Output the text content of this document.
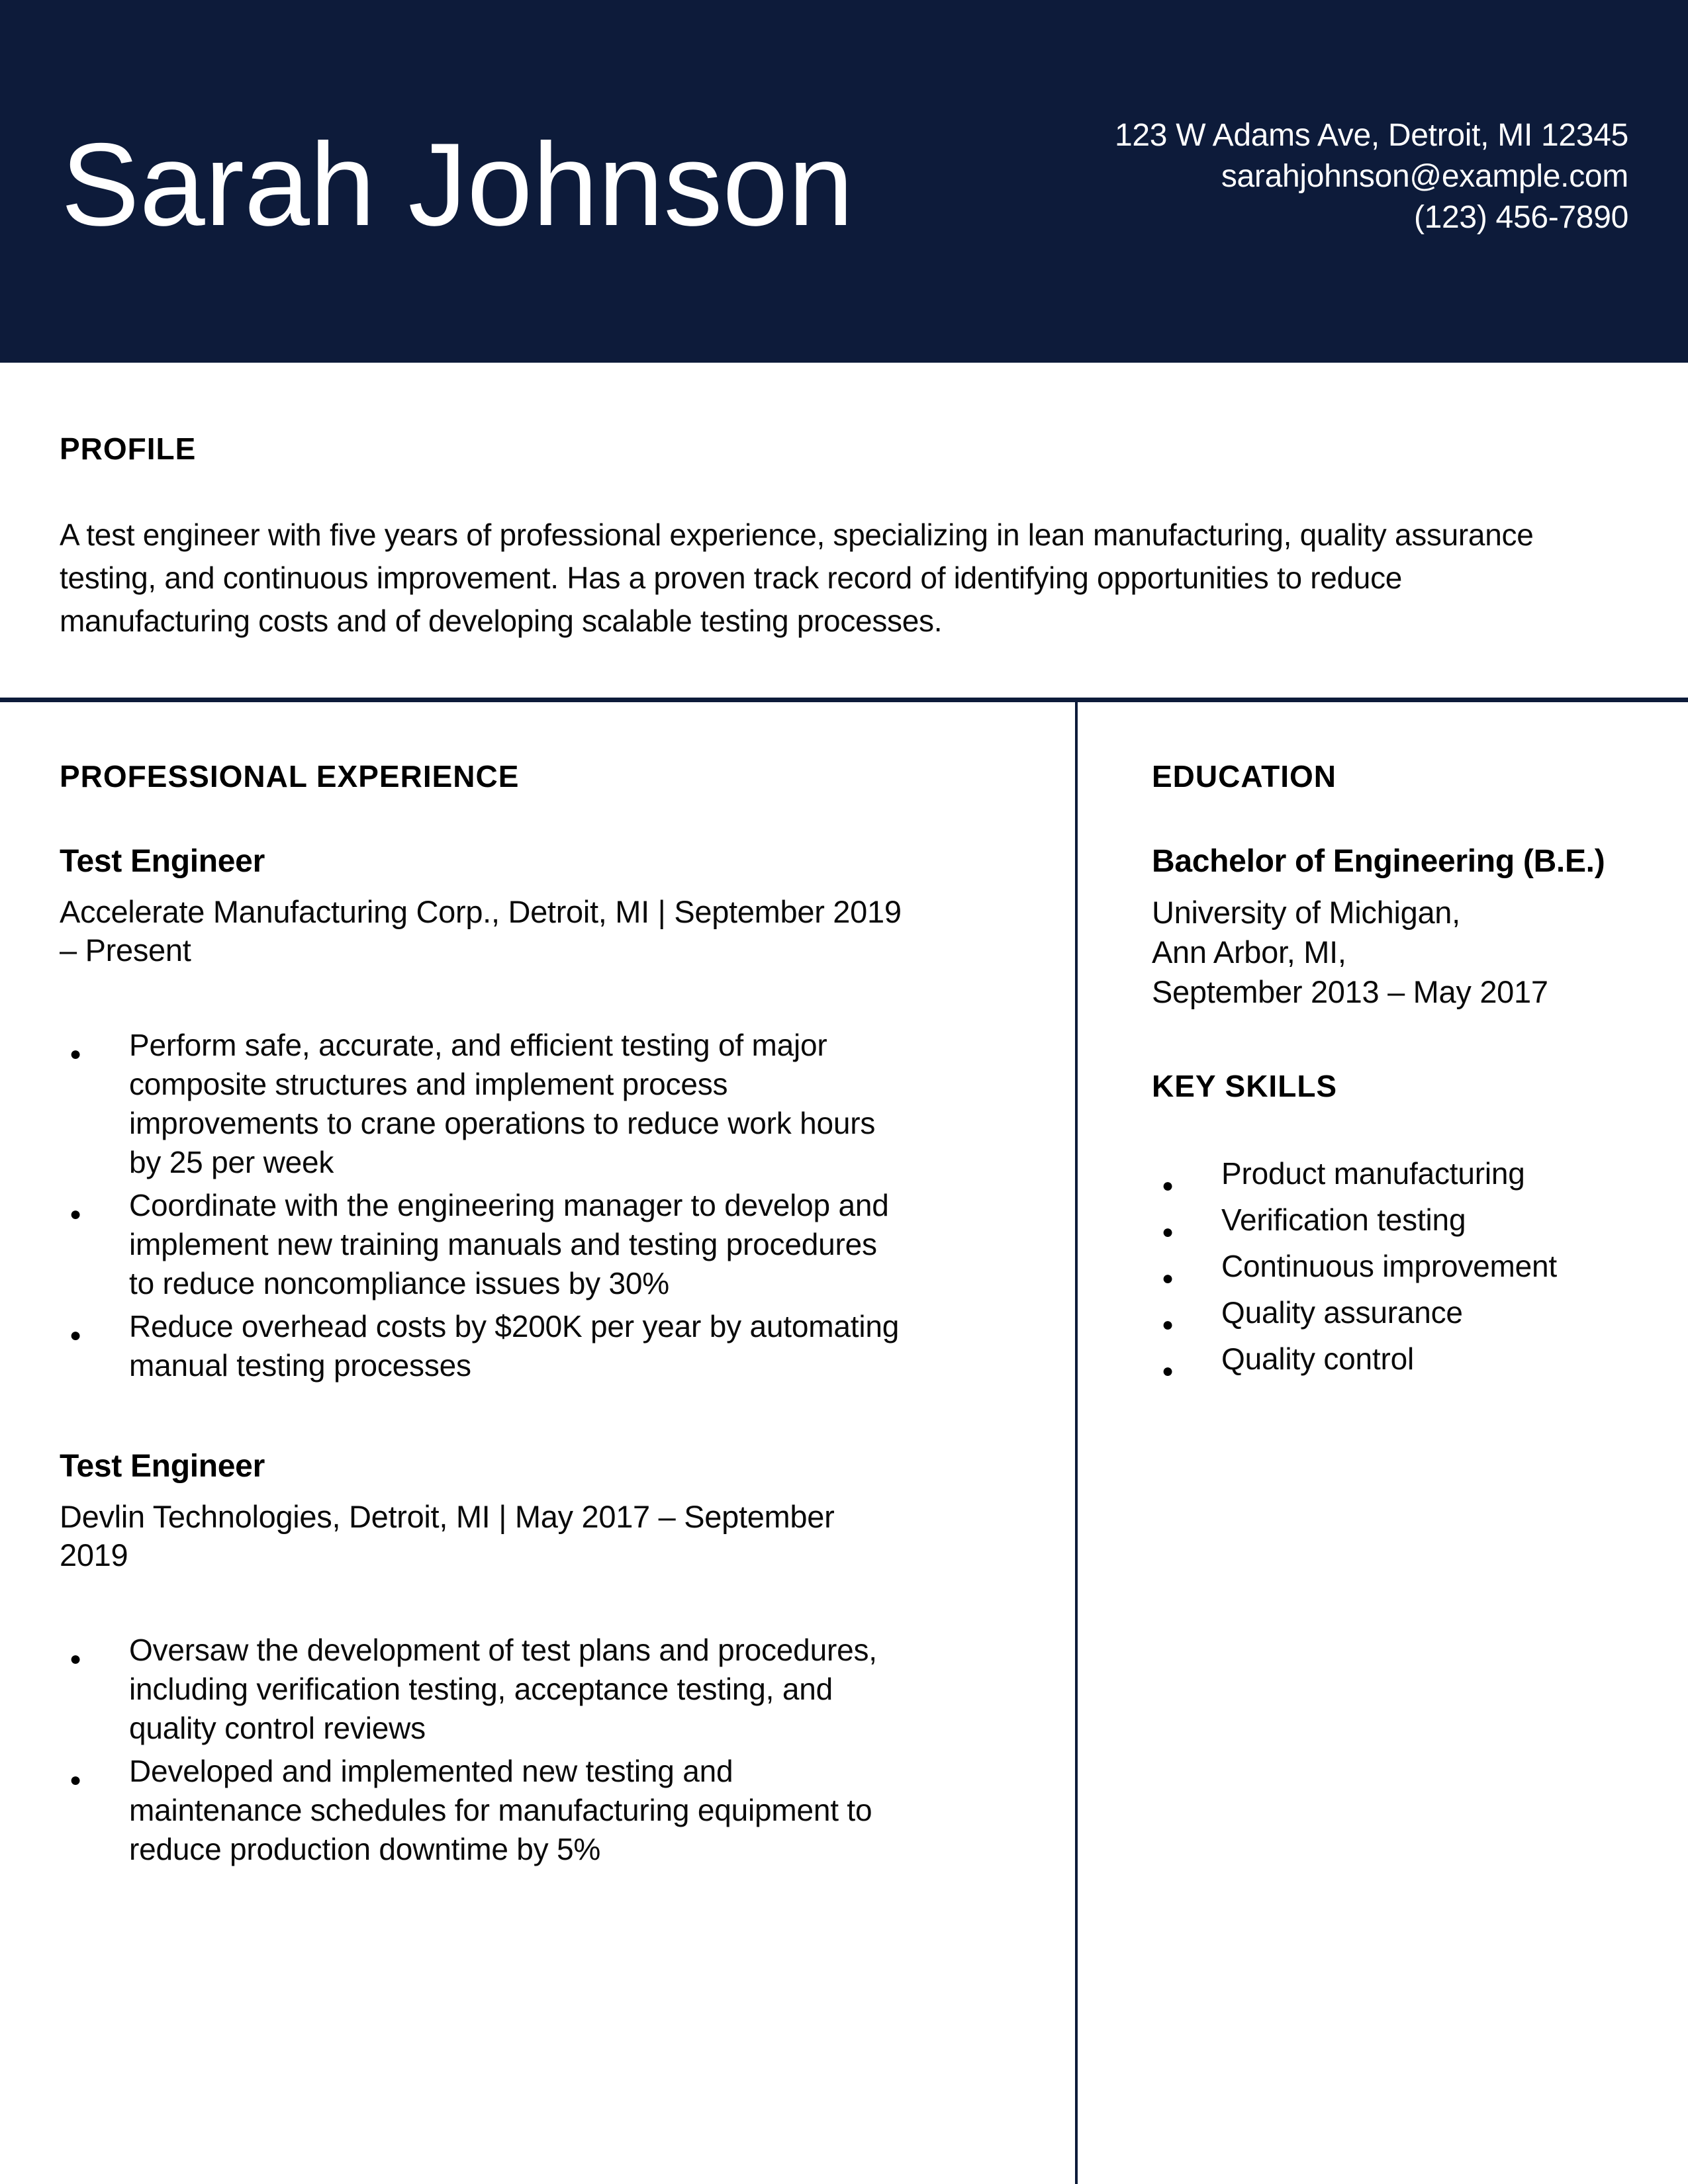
Sarah Johnson	123 W Adams Ave, Detroit, MI 12345
sarahjohnson@example.com
(123) 456-7890
PROFILE
A test engineer with five years of professional experience, specializing in lean manufacturing, quality assurance testing, and continuous improvement. Has a proven track record of identifying opportunities to reduce manufacturing costs and of developing scalable testing processes.
PROFESSIONAL EXPERIENCE
Test Engineer
Accelerate Manufacturing Corp., Detroit, MI | September 2019 – Present
● Perform safe, accurate, and efficient testing of major composite structures and implement process improvements to crane operations to reduce work hours by 25 per week
● Coordinate with the engineering manager to develop and implement new training manuals and testing procedures to reduce noncompliance issues by 30%
● Reduce overhead costs by $200K per year by automating manual testing processes
Test Engineer
Devlin Technologies, Detroit, MI | May 2017 – September 2019
● Oversaw the development of test plans and procedures, including verification testing, acceptance testing, and quality control reviews
● Developed and implemented new testing and maintenance schedules for manufacturing equipment to reduce production downtime by 5%
EDUCATION
Bachelor of Engineering (B.E.)
University of Michigan,
Ann Arbor, MI,
September 2013 – May 2017
KEY SKILLS
● Product manufacturing
● Verification testing
● Continuous improvement
● Quality assurance
● Quality control
